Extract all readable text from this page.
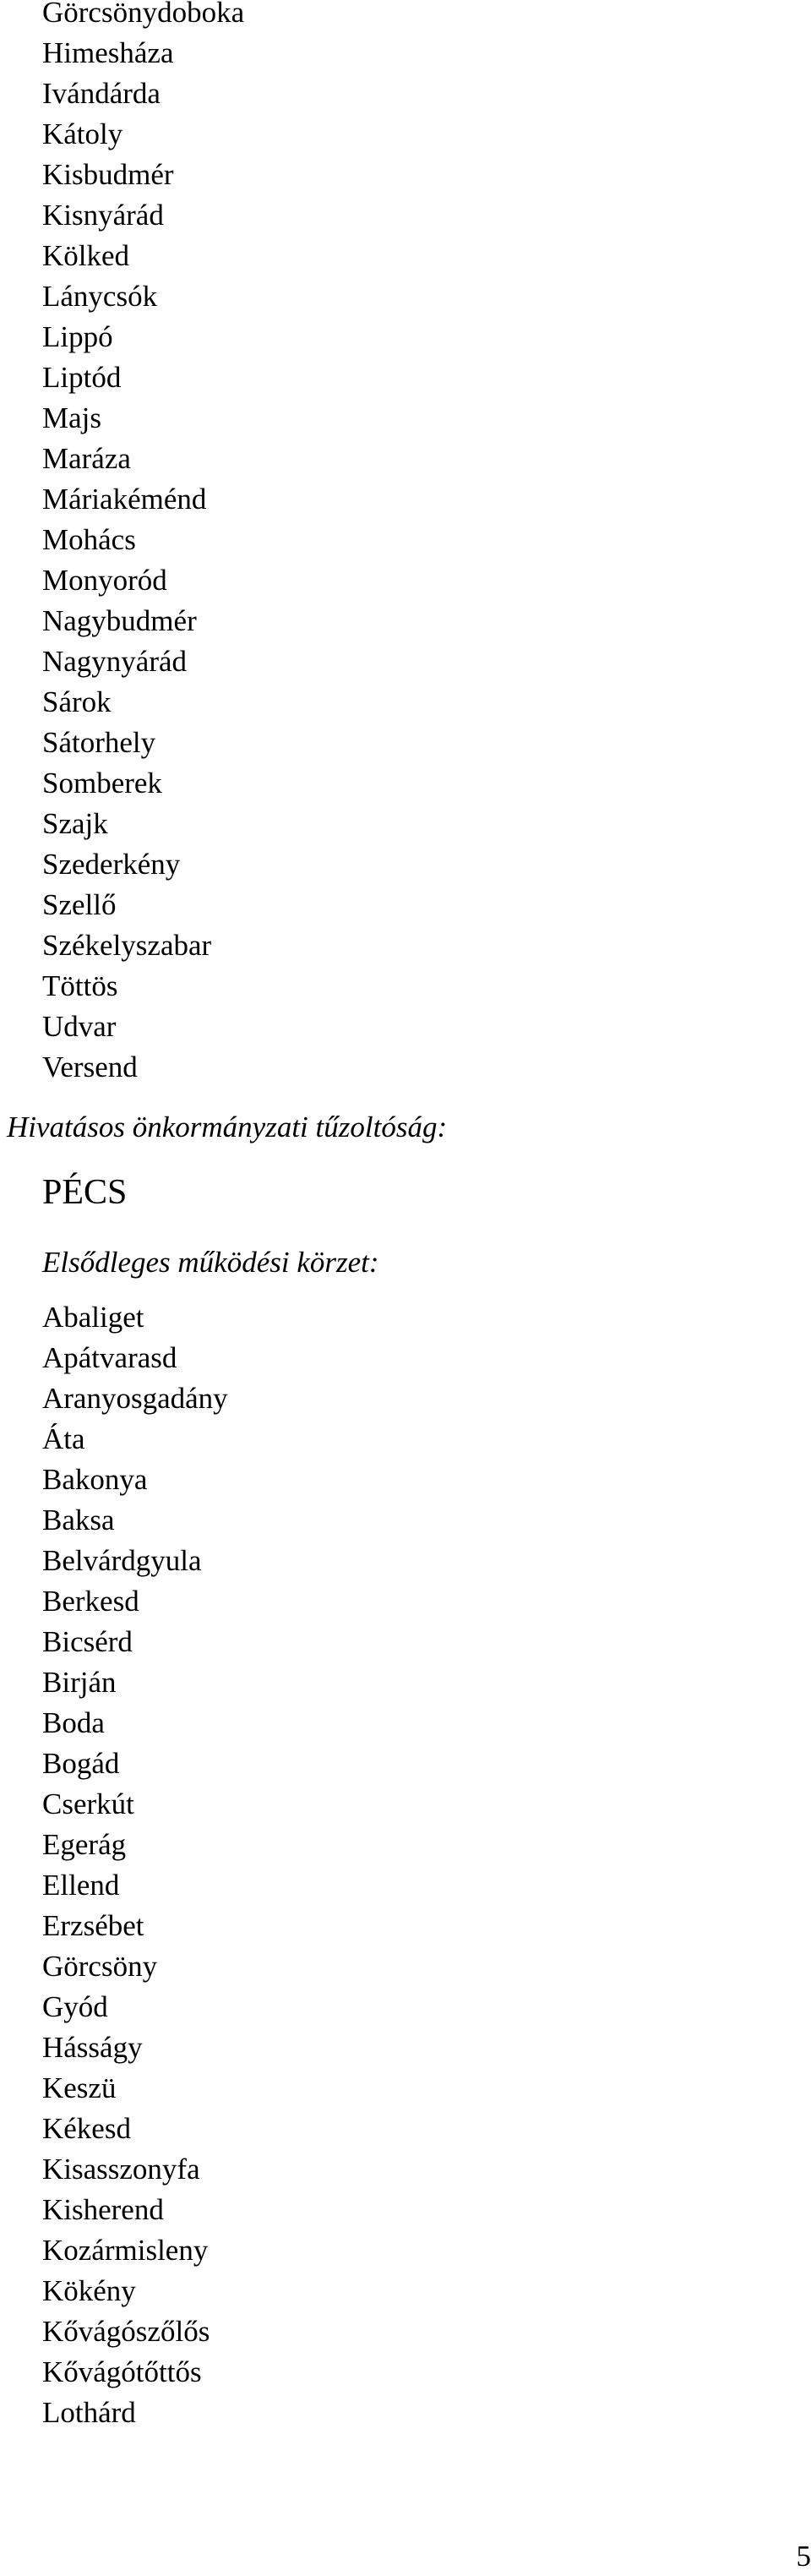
Görcsönydoboka
Himesháza
Ivándárda
Kátoly
Kisbudmér
Kisnyárád
Kölked
Lánycsók
Lippó
Liptód
Majs
Maráza
Máriakéménd
Mohács
Monyoród
Nagybudmér
Nagynyárád
Sárok
Sátorhely
Somberek
Szajk
Szederkény
Szellő
Székelyszabar
Töttös
Udvar
Versend

Hivatásos önkormányzati tűzoltóság:

PÉCS

Elsődleges működési körzet:

Abaliget
Apátvarasd
Aranyosgadány
Áta
Bakonya
Baksa
Belvárdgyula
Berkesd
Bicsérd
Birján
Boda
Bogád
Cserkút
Egerág
Ellend
Erzsébet
Görcsöny
Gyód
Hásságy
Keszü
Kékesd
Kisasszonyfa
Kisherend
Kozármisleny
Kökény
Kővágószőlős
Kővágótőttős
Lothárd
5
